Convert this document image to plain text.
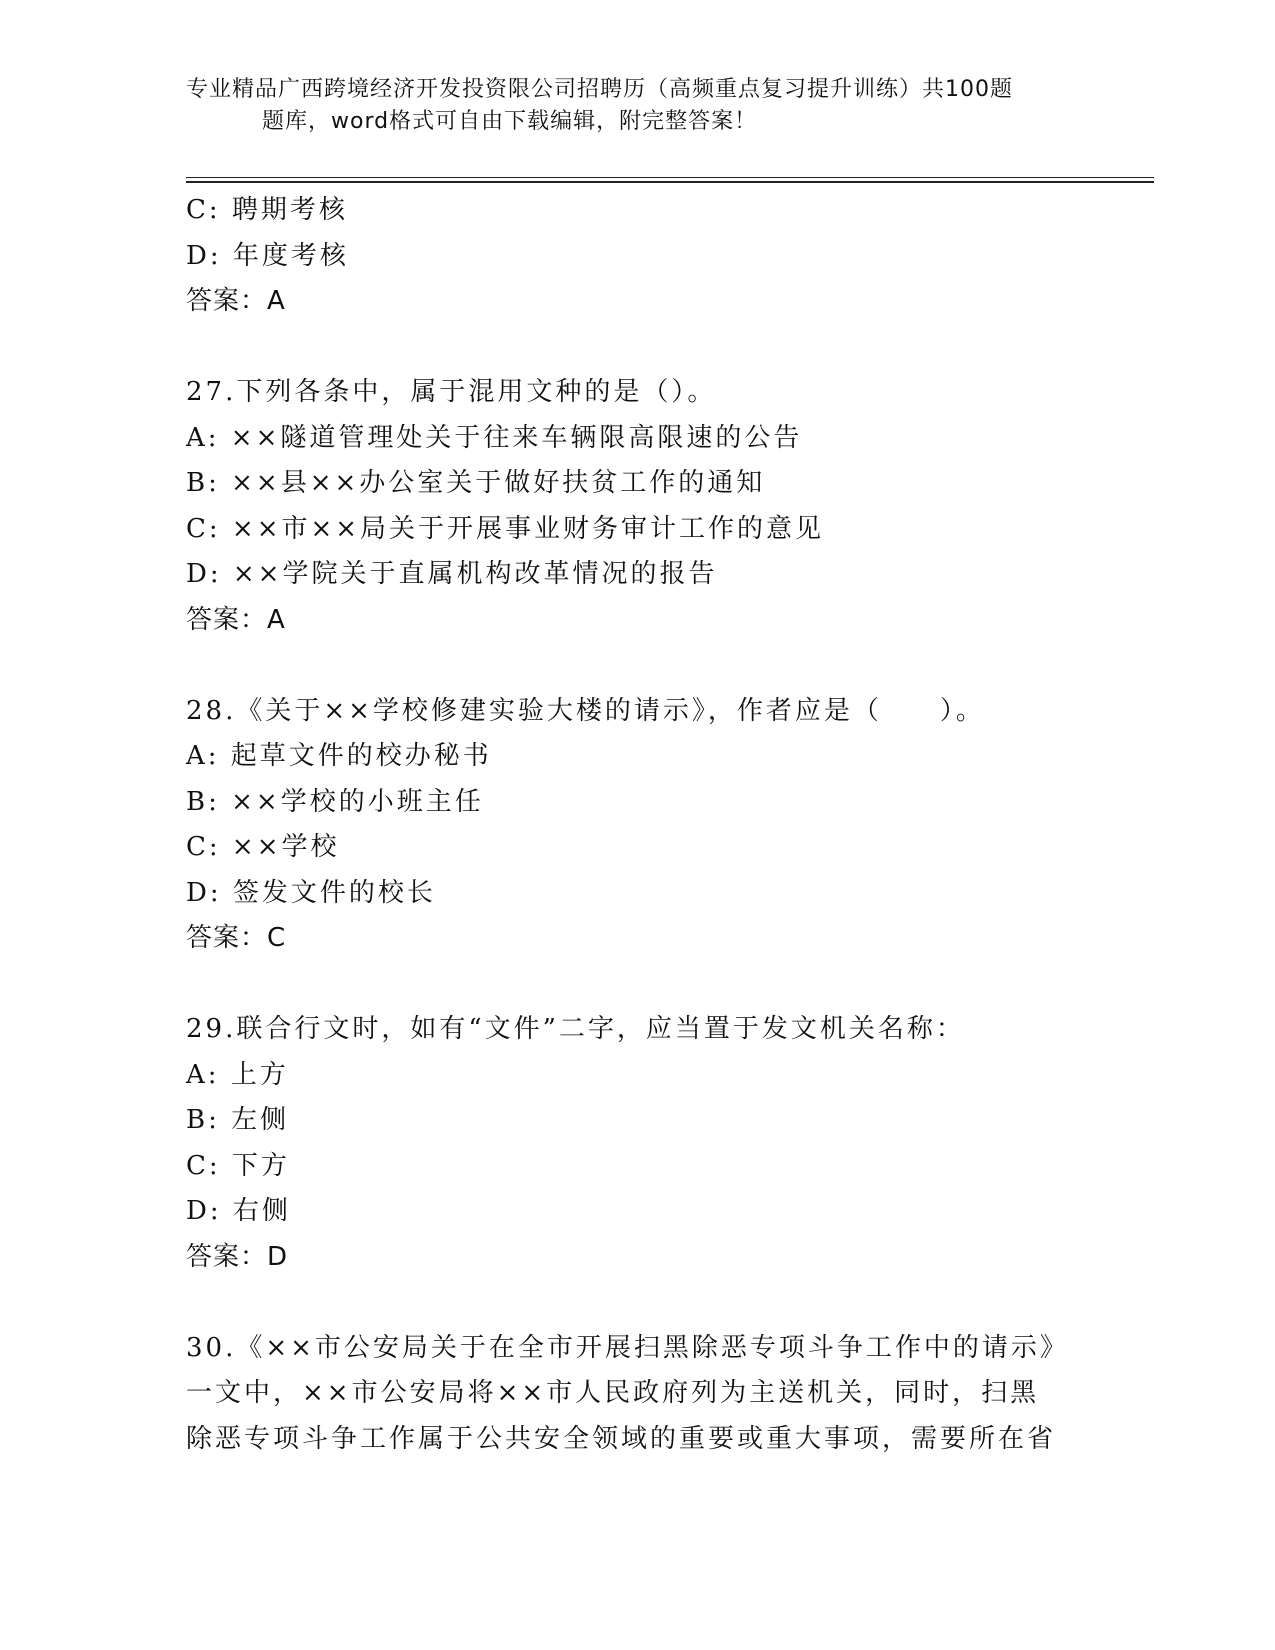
专业精品广西跨境经济开发投资限公司招聘历（高频重点复习提升训练）共100题
题库，word格式可自由下载编辑，附完整答案！
C: 聘期考核
D: 年度考核
答案：A
27.下列各条中，属于混用文种的是（）。
A: ××隧道管理处关于往来车辆限高限速的公告
B: ××县××办公室关于做好扶贫工作的通知
C: ××市××局关于开展事业财务审计工作的意见
D: ××学院关于直属机构改革情况的报告
答案：A
28.《关于××学校修建实验大楼的请示》，作者应是（　　）。
A: 起草文件的校办秘书
B: ××学校的小班主任
C: ××学校
D: 签发文件的校长
答案：C
29.联合行文时，如有“文件”二字，应当置于发文机关名称：
A: 上方
B: 左侧
C: 下方
D: 右侧
答案：D
30.《××市公安局关于在全市开展扫黑除恶专项斗争工作中的请示》
一文中，××市公安局将××市人民政府列为主送机关，同时，扫黑
除恶专项斗争工作属于公共安全领域的重要或重大事项，需要所在省
